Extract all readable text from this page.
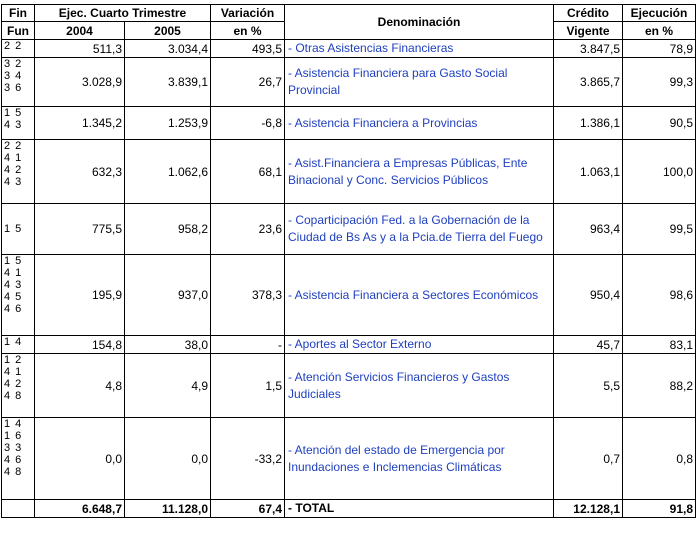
Fin	Ejec. Cuarto Trimestre		Variación	Denominación	Crédito	Ejecución
Fun	2004	2005	en %		Vigente	en %
2 2	511,3	3.034,4	493,5	- Otras Asistencias Financieras	3.847,5	78,9
3 2
3 4
3 6	3.028,9	3.839,1	26,7	- Asistencia Financiera para Gasto Social Provincial	3.865,7	99,3
1 5
4 3	1.345,2	1.253,9	-6,8	- Asistencia Financiera a Provincias	1.386,1	90,5
2 2
4 1
4 2
4 3	632,3	1.062,6	68,1	- Asist.Financiera a Empresas Públicas, Ente Binacional y Conc. Servicios Públicos	1.063,1	100,0
1 5	775,5	958,2	23,6	- Coparticipación Fed. a la Gobernación de la Ciudad de Bs As y a la Pcia.de Tierra del Fuego	963,4	99,5
1 5
4 1
4 3
4 5
4 6	195,9	937,0	378,3	- Asistencia Financiera a Sectores Económicos	950,4	98,6
1 4	154,8	38,0	-	- Aportes al Sector Externo	45,7	83,1
1 2
4 1
4 2
4 8	4,8	4,9	1,5	- Atención Servicios Financieros y Gastos Judiciales	5,5	88,2
1 4
1 6
3 3
4 6
4 8	0,0	0,0	-33,2	- Atención del estado de Emergencia por Inundaciones e Inclemencias Climáticas	0,7	0,8
	6.648,7	11.128,0	67,4	- TOTAL	12.128,1	91,8
